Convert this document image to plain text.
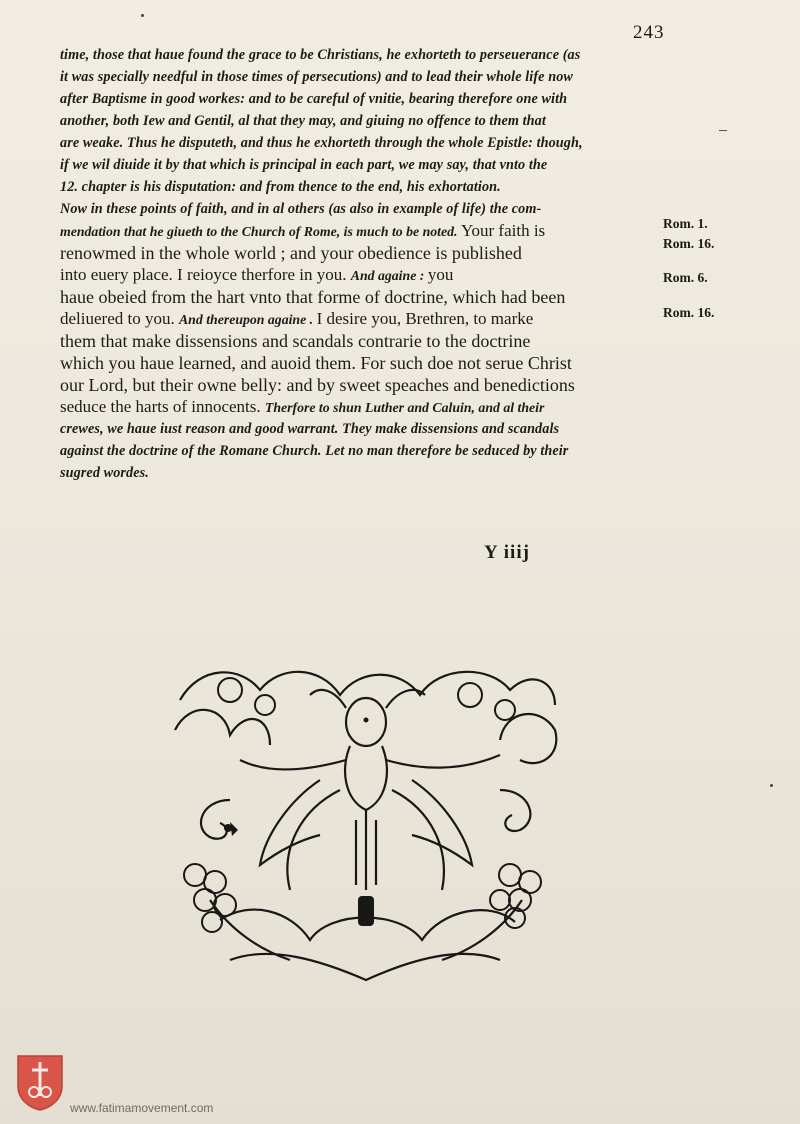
243
time, those that haue found the grace to be Christians, he exhorteth to perseuerance (as
it was specially needful in those times of persecutions) and to lead their whole life now
after Baptisme in good workes: and to be careful of vnitie, bearing therefore one with
another, both Iew and Gentil, al that they may, and giuing no offence to them that
are weake. Thus he disputeth, and thus he exhorteth through the whole Epistle: though,
if we wil diuide it by that which is principal in each part, we may say, that vnto the
12. chapter is his disputation: and from thence to the end, his exhortation.
Now in these points of faith, and in al others (as also in example of life) the com-
mendation that he giueth to the Church of Rome, is much to be noted. Your faith is
renowmed in the whole world ; and your obedience is published
into euery place. I reioyce therfore in you. And againe : you
haue obeied from the hart vnto that forme of doctrine, which had been
deliuered to you. And thereupon againe . I desire you, Brethren, to marke
them that make dissensions and scandals contrarie to the doctrine
which you haue learned, and auoid them. For such doe not serue Christ
our Lord, but their owne belly: and by sweet speaches and benedictions
seduce the harts of innocents. Therfore to shun Luther and Caluin, and al their
crewes, we haue iust reason and good warrant. They make dissensions and scandals
against the doctrine of the Romane Church. Let no man therefore be seduced by their
sugred wordes.
Rom. 1.
Rom. 16.
Rom. 6.
Rom. 16.
Y iiij
www.fatimamovement.com
